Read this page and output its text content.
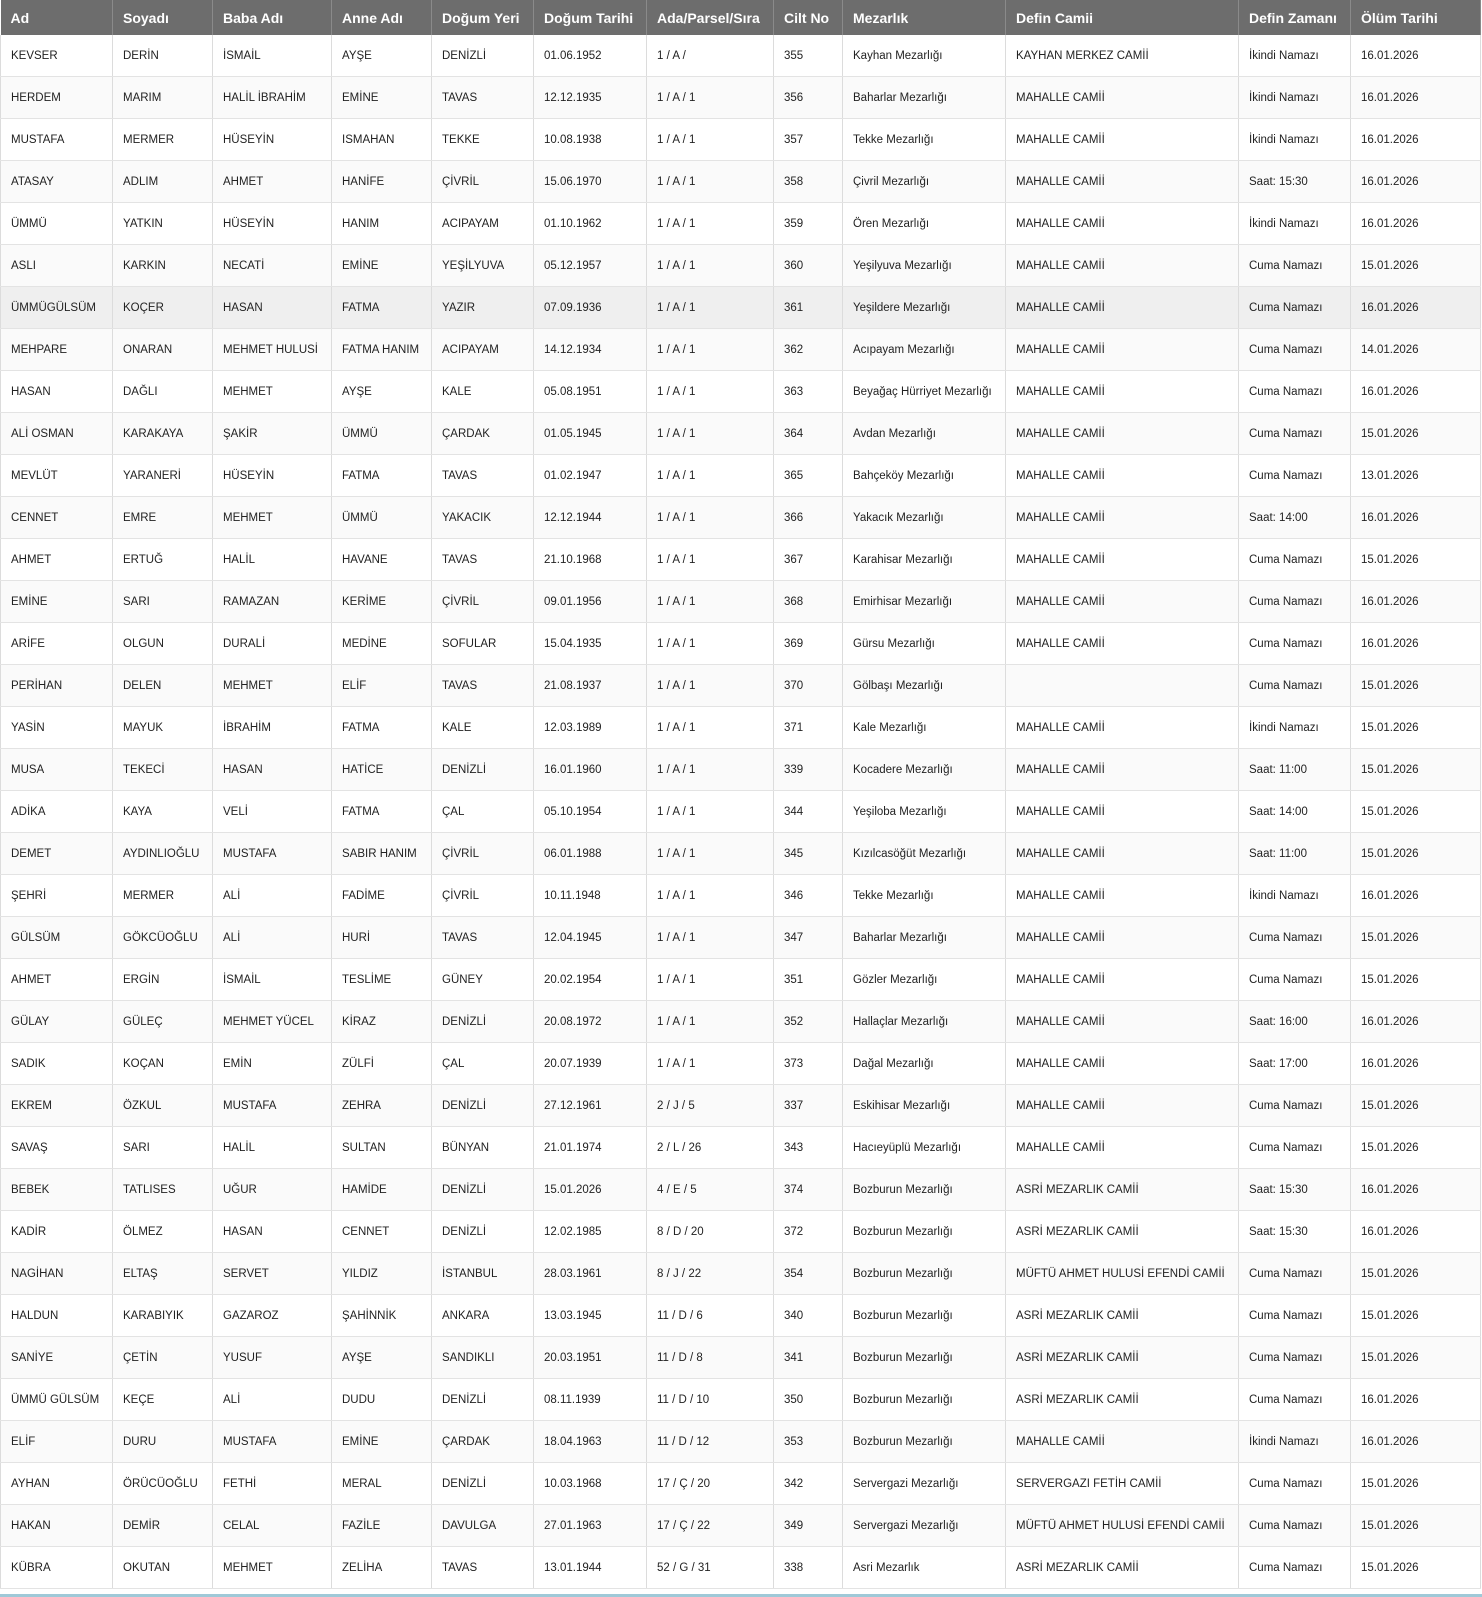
Ad	Soyadı	Baba Adı	Anne Adı	Doğum Yeri	Doğum Tarihi	Ada/Parsel/Sıra	Cilt No	Mezarlık	Defin Camii	Defin Zamanı	Ölüm Tarihi
KEVSER	DERİN	İSMAİL	AYŞE	DENİZLİ	01.06.1952	1 / A /	355	Kayhan Mezarlığı	KAYHAN MERKEZ CAMİİ	İkindi Namazı	16.01.2026
HERDEM	MARIM	HALİL İBRAHİM	EMİNE	TAVAS	12.12.1935	1 / A / 1	356	Baharlar Mezarlığı	MAHALLE CAMİİ	İkindi Namazı	16.01.2026
MUSTAFA	MERMER	HÜSEYİN	ISMAHAN	TEKKE	10.08.1938	1 / A / 1	357	Tekke Mezarlığı	MAHALLE CAMİİ	İkindi Namazı	16.01.2026
ATASAY	ADLIM	AHMET	HANİFE	ÇİVRİL	15.06.1970	1 / A / 1	358	Çivril Mezarlığı	MAHALLE CAMİİ	Saat: 15:30	16.01.2026
ÜMMÜ	YATKIN	HÜSEYİN	HANIM	ACIPAYAM	01.10.1962	1 / A / 1	359	Ören Mezarlığı	MAHALLE CAMİİ	İkindi Namazı	16.01.2026
ASLI	KARKIN	NECATİ	EMİNE	YEŞİLYUVA	05.12.1957	1 / A / 1	360	Yeşilyuva Mezarlığı	MAHALLE CAMİİ	Cuma Namazı	15.01.2026
ÜMMÜGÜLSÜM	KOÇER	HASAN	FATMA	YAZIR	07.09.1936	1 / A / 1	361	Yeşildere Mezarlığı	MAHALLE CAMİİ	Cuma Namazı	16.01.2026
MEHPARE	ONARAN	MEHMET HULUSİ	FATMA HANIM	ACIPAYAM	14.12.1934	1 / A / 1	362	Acıpayam Mezarlığı	MAHALLE CAMİİ	Cuma Namazı	14.01.2026
HASAN	DAĞLI	MEHMET	AYŞE	KALE	05.08.1951	1 / A / 1	363	Beyağaç Hürriyet Mezarlığı	MAHALLE CAMİİ	Cuma Namazı	16.01.2026
ALİ OSMAN	KARAKAYA	ŞAKİR	ÜMMÜ	ÇARDAK	01.05.1945	1 / A / 1	364	Avdan Mezarlığı	MAHALLE CAMİİ	Cuma Namazı	15.01.2026
MEVLÜT	YARANERİ	HÜSEYİN	FATMA	TAVAS	01.02.1947	1 / A / 1	365	Bahçeköy Mezarlığı	MAHALLE CAMİİ	Cuma Namazı	13.01.2026
CENNET	EMRE	MEHMET	ÜMMÜ	YAKACIK	12.12.1944	1 / A / 1	366	Yakacık Mezarlığı	MAHALLE CAMİİ	Saat: 14:00	16.01.2026
AHMET	ERTUĞ	HALİL	HAVANE	TAVAS	21.10.1968	1 / A / 1	367	Karahisar Mezarlığı	MAHALLE CAMİİ	Cuma Namazı	15.01.2026
EMİNE	SARI	RAMAZAN	KERİME	ÇİVRİL	09.01.1956	1 / A / 1	368	Emirhisar Mezarlığı	MAHALLE CAMİİ	Cuma Namazı	16.01.2026
ARİFE	OLGUN	DURALİ	MEDİNE	SOFULAR	15.04.1935	1 / A / 1	369	Gürsu Mezarlığı	MAHALLE CAMİİ	Cuma Namazı	16.01.2026
PERİHAN	DELEN	MEHMET	ELİF	TAVAS	21.08.1937	1 / A / 1	370	Gölbaşı Mezarlığı		Cuma Namazı	15.01.2026
YASİN	MAYUK	İBRAHİM	FATMA	KALE	12.03.1989	1 / A / 1	371	Kale Mezarlığı	MAHALLE CAMİİ	İkindi Namazı	15.01.2026
MUSA	TEKECİ	HASAN	HATİCE	DENİZLİ	16.01.1960	1 / A / 1	339	Kocadere Mezarlığı	MAHALLE CAMİİ	Saat: 11:00	15.01.2026
ADİKA	KAYA	VELİ	FATMA	ÇAL	05.10.1954	1 / A / 1	344	Yeşiloba Mezarlığı	MAHALLE CAMİİ	Saat: 14:00	15.01.2026
DEMET	AYDINLIOĞLU	MUSTAFA	SABIR HANIM	ÇİVRİL	06.01.1988	1 / A / 1	345	Kızılcasöğüt Mezarlığı	MAHALLE CAMİİ	Saat: 11:00	15.01.2026
ŞEHRİ	MERMER	ALİ	FADİME	ÇİVRİL	10.11.1948	1 / A / 1	346	Tekke Mezarlığı	MAHALLE CAMİİ	İkindi Namazı	16.01.2026
GÜLSÜM	GÖKCÜOĞLU	ALİ	HURİ	TAVAS	12.04.1945	1 / A / 1	347	Baharlar Mezarlığı	MAHALLE CAMİİ	Cuma Namazı	15.01.2026
AHMET	ERGİN	İSMAİL	TESLİME	GÜNEY	20.02.1954	1 / A / 1	351	Gözler Mezarlığı	MAHALLE CAMİİ	Cuma Namazı	15.01.2026
GÜLAY	GÜLEÇ	MEHMET YÜCEL	KİRAZ	DENİZLİ	20.08.1972	1 / A / 1	352	Hallaçlar Mezarlığı	MAHALLE CAMİİ	Saat: 16:00	16.01.2026
SADIK	KOÇAN	EMİN	ZÜLFİ	ÇAL	20.07.1939	1 / A / 1	373	Dağal Mezarlığı	MAHALLE CAMİİ	Saat: 17:00	16.01.2026
EKREM	ÖZKUL	MUSTAFA	ZEHRA	DENİZLİ	27.12.1961	2 / J / 5	337	Eskihisar Mezarlığı	MAHALLE CAMİİ	Cuma Namazı	15.01.2026
SAVAŞ	SARI	HALİL	SULTAN	BÜNYAN	21.01.1974	2 / L / 26	343	Hacıeyüplü Mezarlığı	MAHALLE CAMİİ	Cuma Namazı	15.01.2026
BEBEK	TATLISES	UĞUR	HAMİDE	DENİZLİ	15.01.2026	4 / E / 5	374	Bozburun Mezarlığı	ASRİ MEZARLIK CAMİİ	Saat: 15:30	16.01.2026
KADİR	ÖLMEZ	HASAN	CENNET	DENİZLİ	12.02.1985	8 / D / 20	372	Bozburun Mezarlığı	ASRİ MEZARLIK CAMİİ	Saat: 15:30	16.01.2026
NAGİHAN	ELTAŞ	SERVET	YILDIZ	İSTANBUL	28.03.1961	8 / J / 22	354	Bozburun Mezarlığı	MÜFTÜ AHMET HULUSİ EFENDİ CAMİİ	Cuma Namazı	15.01.2026
HALDUN	KARABIYIK	GAZAROZ	ŞAHİNNİK	ANKARA	13.03.1945	11 / D / 6	340	Bozburun Mezarlığı	ASRİ MEZARLIK CAMİİ	Cuma Namazı	15.01.2026
SANİYE	ÇETİN	YUSUF	AYŞE	SANDIKLI	20.03.1951	11 / D / 8	341	Bozburun Mezarlığı	ASRİ MEZARLIK CAMİİ	Cuma Namazı	15.01.2026
ÜMMÜ GÜLSÜM	KEÇE	ALİ	DUDU	DENİZLİ	08.11.1939	11 / D / 10	350	Bozburun Mezarlığı	ASRİ MEZARLIK CAMİİ	Cuma Namazı	16.01.2026
ELİF	DURU	MUSTAFA	EMİNE	ÇARDAK	18.04.1963	11 / D / 12	353	Bozburun Mezarlığı	MAHALLE CAMİİ	İkindi Namazı	16.01.2026
AYHAN	ÖRÜCÜOĞLU	FETHİ	MERAL	DENİZLİ	10.03.1968	17 / Ç / 20	342	Servergazi Mezarlığı	SERVERGAZI FETİH CAMİİ	Cuma Namazı	15.01.2026
HAKAN	DEMİR	CELAL	FAZİLE	DAVULGA	27.01.1963	17 / Ç / 22	349	Servergazi Mezarlığı	MÜFTÜ AHMET HULUSİ EFENDİ CAMİİ	Cuma Namazı	15.01.2026
KÜBRA	OKUTAN	MEHMET	ZELİHA	TAVAS	13.01.1944	52 / G / 31	338	Asri Mezarlık	ASRİ MEZARLIK CAMİİ	Cuma Namazı	15.01.2026
